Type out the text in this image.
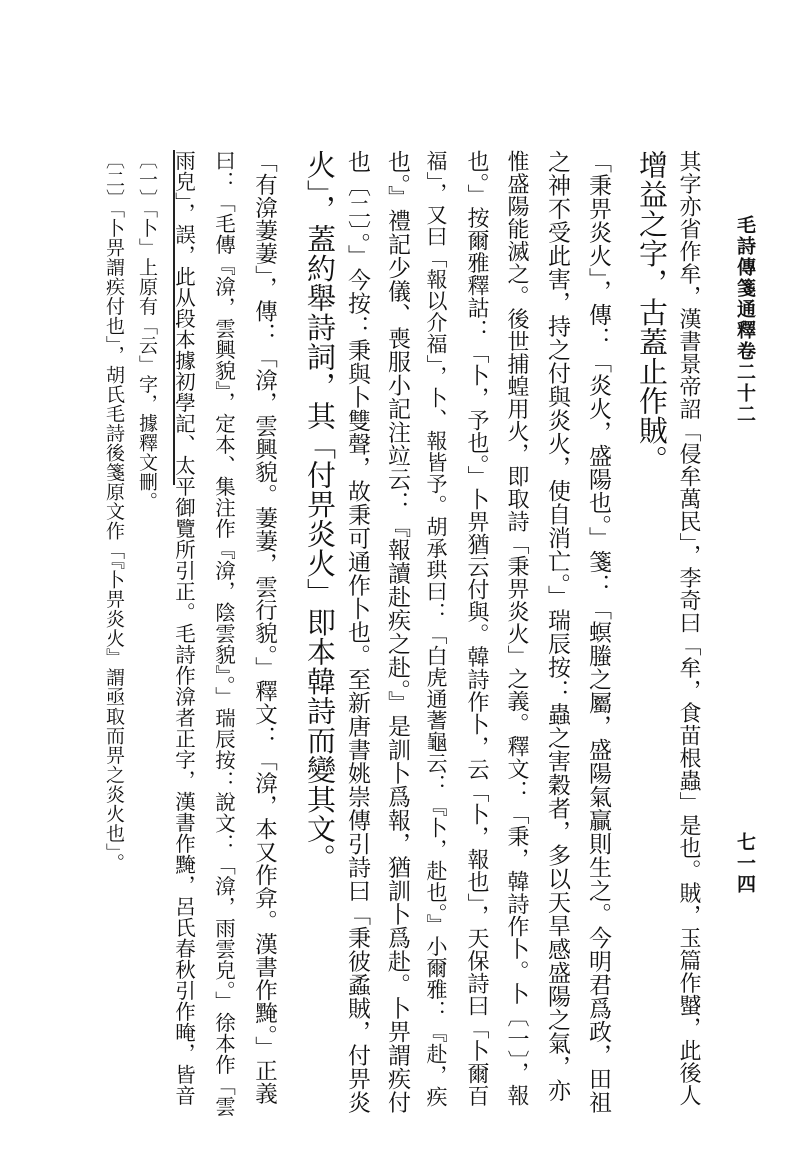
毛詩傳箋通釋卷二十二
七一四
其字亦省作牟，漢書景帝詔「侵牟萬民」，李奇曰「牟，食苗根蟲」是也。賊，玉篇作蠈，此後人
增益之字，古蓋止作賊。
「秉畀炎火」，傳：「炎火，盛陽也。」箋：「螟螣之屬，盛陽氣贏則生之。今明君爲政，田祖
之神不受此害，持之付與炎火，使自消亡。」瑞辰按：蟲之害穀者，多以天旱感盛陽之氣，亦
惟盛陽能滅之。後世捕蝗用火，即取詩「秉畀炎火」之義。釋文：「秉，韓詩作卜。卜〔一〕，報
也。」按爾雅釋詁：「卜，予也。」卜畀猶云付與。韓詩作卜，云「卜，報也」，天保詩曰「卜爾百
福」，又曰「報以介福」，卜、報皆予。胡承珙曰：「白虎通蓍龜云：『卜，赴也。』小爾雅：『赴，疾
也。』禮記少儀、喪服小記注竝云：『報讀赴疾之赴。』是訓卜爲報，猶訓卜爲赴。卜畀謂疾付
也〔二〕。」今按：秉與卜雙聲，故秉可通作卜也。至新唐書姚崇傳引詩曰「秉彼蟊賊，付畀炎
火」，蓋約舉詩詞，其「付畀炎火」即本韓詩而變其文。
「有渰萋萋」，傳：「渰，雲興貌。萋萋，雲行貌。」釋文：「渰，本又作弇。漢書作黤。」正義
曰：「毛傳『渰，雲興貌』，定本、集注作『渰，陰雲貌』。」瑞辰按：說文：「渰，雨雲皃。」徐本作「雲
雨皃」，誤，此从段本據初學記、太平御覽所引正。毛詩作渰者正字，漢書作黤，呂氏春秋引作晻，皆音
〔一〕「卜」上原有「云」字，據釋文刪。
〔二〕「卜畀謂疾付也」，胡氏毛詩後箋原文作「『卜畀炎火』謂亟取而畀之炎火也」。
